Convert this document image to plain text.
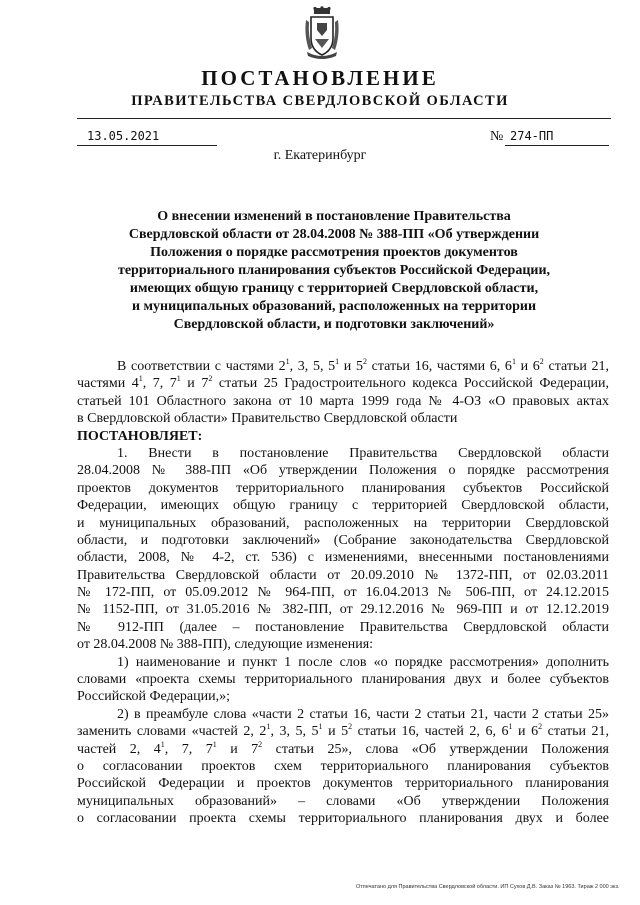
ПОСТАНОВЛЕНИЕ
ПРАВИТЕЛЬСТВА СВЕРДЛОВСКОЙ ОБЛАСТИ
13.05.2021	№ 274-ПП
г. Екатеринбург
О внесении изменений в постановление Правительства
Свердловской области от 28.04.2008 № 388-ПП «Об утверждении
Положения о порядке рассмотрения проектов документов
территориального планирования субъектов Российской Федерации,
имеющих общую границу с территорией Свердловской области,
и муниципальных образований, расположенных на территории
Свердловской области, и подготовки заключений»
В соответствии с частями $2^1$, 3, 5, $5^1$ и $5^2$ статьи 16, частями 6, $6^1$ и $6^2$ статьи 21,
частями $4^1$, 7, $7^1$ и $7^2$ статьи 25 Градостроительного кодекса Российской Федерации,
статьей 101 Областного закона от 10 марта 1999 года № 4-ОЗ «О правовых актах
в Свердловской области» Правительство Свердловской области
ПОСТАНОВЛЯЕТ:
1. Внести в постановление Правительства Свердловской области
28.04.2008 № 388-ПП «Об утверждении Положения о порядке рассмотрения
проектов документов территориального планирования субъектов Российской
Федерации, имеющих общую границу с территорией Свердловской области,
и муниципальных образований, расположенных на территории Свердловской
области, и подготовки заключений» (Собрание законодательства Свердловской
области, 2008, № 4-2, ст. 536) с изменениями, внесенными постановлениями
Правительства Свердловской области от 20.09.2010 № 1372-ПП, от 02.03.2011
№ 172-ПП, от 05.09.2012 № 964-ПП, от 16.04.2013 № 506-ПП, от 24.12.2015
№ 1152-ПП, от 31.05.2016 № 382-ПП, от 29.12.2016 № 969-ПП и от 12.12.2019
№ 912-ПП (далее – постановление Правительства Свердловской области
от 28.04.2008 № 388-ПП), следующие изменения:
1) наименование и пункт 1 после слов «о порядке рассмотрения» дополнить
словами «проекта схемы территориального планирования двух и более субъектов
Российской Федерации,»;
2) в преамбуле слова «части 2 статьи 16, части 2 статьи 21, части 2 статьи 25»
заменить словами «частей 2, $2^1$, 3, 5, $5^1$ и $5^2$ статьи 16, частей 2, 6, $6^1$ и $6^2$ статьи 21,
частей 2, $4^1$, 7, $7^1$ и $7^2$ статьи 25», слова «Об утверждении Положения
о согласовании проектов схем территориального планирования субъектов
Российской Федерации и проектов документов территориального планирования
муниципальных образований» – словами «Об утверждении Положения
о согласовании проекта схемы территориального планирования двух и более
Отпечатано для Правительства Свердловской области. ИП Сухов Д.В. Заказ № 1963. Тираж 2 000 экз.
